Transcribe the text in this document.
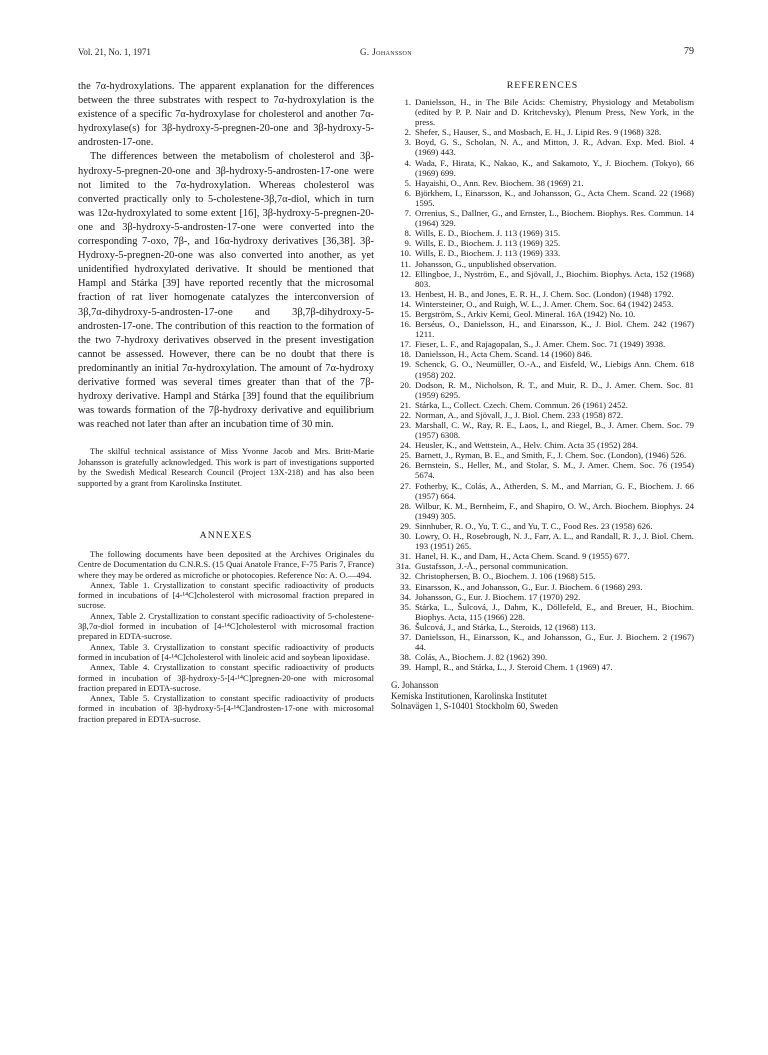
Vol. 21, No. 1, 1971	G. Johansson	79

the 7α-hydroxylations. The apparent explanation for the differences between the three substrates with respect to 7α-hydroxylation is the existence of a specific 7α-hydroxylase for cholesterol and another 7α-hydroxylase(s) for 3β-hydroxy-5-pregnen-20-one and 3β-hydroxy-5-androsten-17-one.

The differences between the metabolism of cholesterol and 3β-hydroxy-5-pregnen-20-one and 3β-hydroxy-5-androsten-17-one were not limited to the 7α-hydroxylation. Whereas cholesterol was converted practically only to 5-cholestene-3β,7α-diol, which in turn was 12α-hydroxylated to some extent [16], 3β-hydroxy-5-pregnen-20-one and 3β-hydroxy-5-androsten-17-one were converted into the corresponding 7-oxo, 7β-, and 16α-hydroxy derivatives [36,38]. 3β-Hydroxy-5-pregnen-20-one was also converted into another, as yet unidentified hydroxylated derivative. It should be mentioned that Hampl and Stárka [39] have reported recently that the microsomal fraction of rat liver homogenate catalyzes the interconversion of 3β,7α-dihydroxy-5-androsten-17-one and 3β,7β-dihydroxy-5-androsten-17-one. The contribution of this reaction to the formation of the two 7-hydroxy derivatives observed in the present investigation cannot be assessed. However, there can be no doubt that there is predominantly an initial 7α-hydroxylation. The amount of 7α-hydroxy derivative formed was several times greater than that of the 7β-hydroxy derivative. Hampl and Stárka [39] found that the equilibrium was towards formation of the 7β-hydroxy derivative and equilibrium was reached not later than after an incubation time of 30 min.

The skilful technical assistance of Miss Yvonne Jacob and Mrs. Britt-Marie Johansson is gratefully acknowledged. This work is part of investigations supported by the Swedish Medical Research Council (Project 13X-218) and has also been supported by a grant from Karolinska Institutet.

ANNEXES

The following documents have been deposited at the Archives Originales du Centre de Documentation du C.N.R.S. (15 Quai Anatole France, F-75 Paris 7, France) where they may be ordered as microfiche or photocopies. Reference No: A. O.—494.

Annex, Table 1. Crystallization to constant specific radioactivity of products formed in incubations of [4-¹⁴C]cholesterol with microsomal fraction prepared in sucrose.

Annex, Table 2. Crystallization to constant specific radioactivity of 5-cholestene-3β,7α-diol formed in incubation of [4-¹⁴C]cholesterol with microsomal fraction prepared in EDTA-sucrose.

Annex, Table 3. Crystallization to constant specific radioactivity of products formed in incubation of [4-¹⁴C]cholesterol with linoleic acid and soybean lipoxidase.

Annex, Table 4. Crystallization to constant specific radioactivity of products formed in incubation of 3β-hydroxy-5-[4-¹⁴C]pregnen-20-one with microsomal fraction prepared in EDTA-sucrose.

Annex, Table 5. Crystallization to constant specific radioactivity of products formed in incubation of 3β-hydroxy-5-[4-¹⁴C]androsten-17-one with microsomal fraction prepared in EDTA-sucrose.

REFERENCES
1. Danielsson, H., in The Bile Acids: Chemistry, Physiology and Metabolism (edited by P. P. Nair and D. Kritchevsky), Plenum Press, New York, in the press.
2. Shefer, S., Hauser, S., and Mosbach, E. H., J. Lipid Res. 9 (1968) 328.
3. Boyd, G. S., Scholan, N. A., and Mitton, J. R., Advan. Exp. Med. Biol. 4 (1969) 443.
4. Wada, F., Hirata, K., Nakao, K., and Sakamoto, Y., J. Biochem. (Tokyo), 66 (1969) 699.
5. Hayaishi, O., Ann. Rev. Biochem. 38 (1969) 21.
6. Björkhem, I., Einarsson, K., and Johansson, G., Acta Chem. Scand. 22 (1968) 1595.
7. Orrenius, S., Dallner, G., and Ernster, L., Biochem. Biophys. Res. Commun. 14 (1964) 329.
8. Wills, E. D., Biochem. J. 113 (1969) 315.
9. Wills, E. D., Biochem. J. 113 (1969) 325.
10. Wills, E. D., Biochem. J. 113 (1969) 333.
11. Johansson, G., unpublished observation.
12. Ellingboe, J., Nyström, E., and Sjövall, J., Biochim. Biophys. Acta, 152 (1968) 803.
13. Henbest, H. B., and Jones, E. R. H., J. Chem. Soc. (London) (1948) 1792.
14. Wintersteiner, O., and Ruigh, W. L., J. Amer. Chem. Soc. 64 (1942) 2453.
15. Bergström, S., Arkiv Kemi, Geol. Mineral. 16A (1942) No. 10.
16. Berséus, O., Danielsson, H., and Einarsson, K., J. Biol. Chem. 242 (1967) 1211.
17. Fieser, L. F., and Rajagopalan, S., J. Amer. Chem. Soc. 71 (1949) 3938.
18. Danielsson, H., Acta Chem. Scand. 14 (1960) 846.
19. Schenck, G. O., Neumüller, O.-A., and Eisfeld, W., Liebigs Ann. Chem. 618 (1958) 202.
20. Dodson, R. M., Nicholson, R. T., and Muir, R. D., J. Amer. Chem. Soc. 81 (1959) 6295.
21. Stárka, L., Collect. Czech. Chem. Commun. 26 (1961) 2452.
22. Norman, A., and Sjövall, J., J. Biol. Chem. 233 (1958) 872.
23. Marshall, C. W., Ray, R. E., Laos, I., and Riegel, B., J. Amer. Chem. Soc. 79 (1957) 6308.
24. Heusler, K., and Wettstein, A., Helv. Chim. Acta 35 (1952) 284.
25. Barnett, J., Ryman, B. E., and Smith, F., J. Chem. Soc. (London), (1946) 526.
26. Bernstein, S., Heller, M., and Stolar, S. M., J. Amer. Chem. Soc. 76 (1954) 5674.
27. Fotherby, K., Colás, A., Atherden, S. M., and Marrian, G. F., Biochem. J. 66 (1957) 664.
28. Wilbur, K. M., Bernheim, F., and Shapiro, O. W., Arch. Biochem. Biophys. 24 (1949) 305.
29. Sinnhuber, R. O., Yu, T. C., and Yu, T. C., Food Res. 23 (1958) 626.
30. Lowry, O. H., Rosebrough, N. J., Farr, A. L., and Randall, R. J., J. Biol. Chem. 193 (1951) 265.
31. Hanel, H. K., and Dam, H., Acta Chem. Scand. 9 (1955) 677.
31a. Gustafsson, J.-Å., personal communication.
32. Christophersen, B. O., Biochem. J. 106 (1968) 515.
33. Einarsson, K., and Johansson, G., Eur. J. Biochem. 6 (1968) 293.
34. Johansson, G., Eur. J. Biochem. 17 (1970) 292.
35. Stárka, L., Šulcová, J., Dahm, K., Döllefeld, E., and Breuer, H., Biochim. Biophys. Acta, 115 (1966) 228.
36. Šulcová, J., and Stárka, L., Steroids, 12 (1968) 113.
37. Danielsson, H., Einarsson, K., and Johansson, G., Eur. J. Biochem. 2 (1967) 44.
38. Colás, A., Biochem. J. 82 (1962) 390.
39. Hampl, R., and Stárka, L., J. Steroid Chem. 1 (1969) 47.
G. Johansson
Kemiska Institutionen, Karolinska Institutet
Solnavägen 1, S-10401 Stockholm 60, Sweden
